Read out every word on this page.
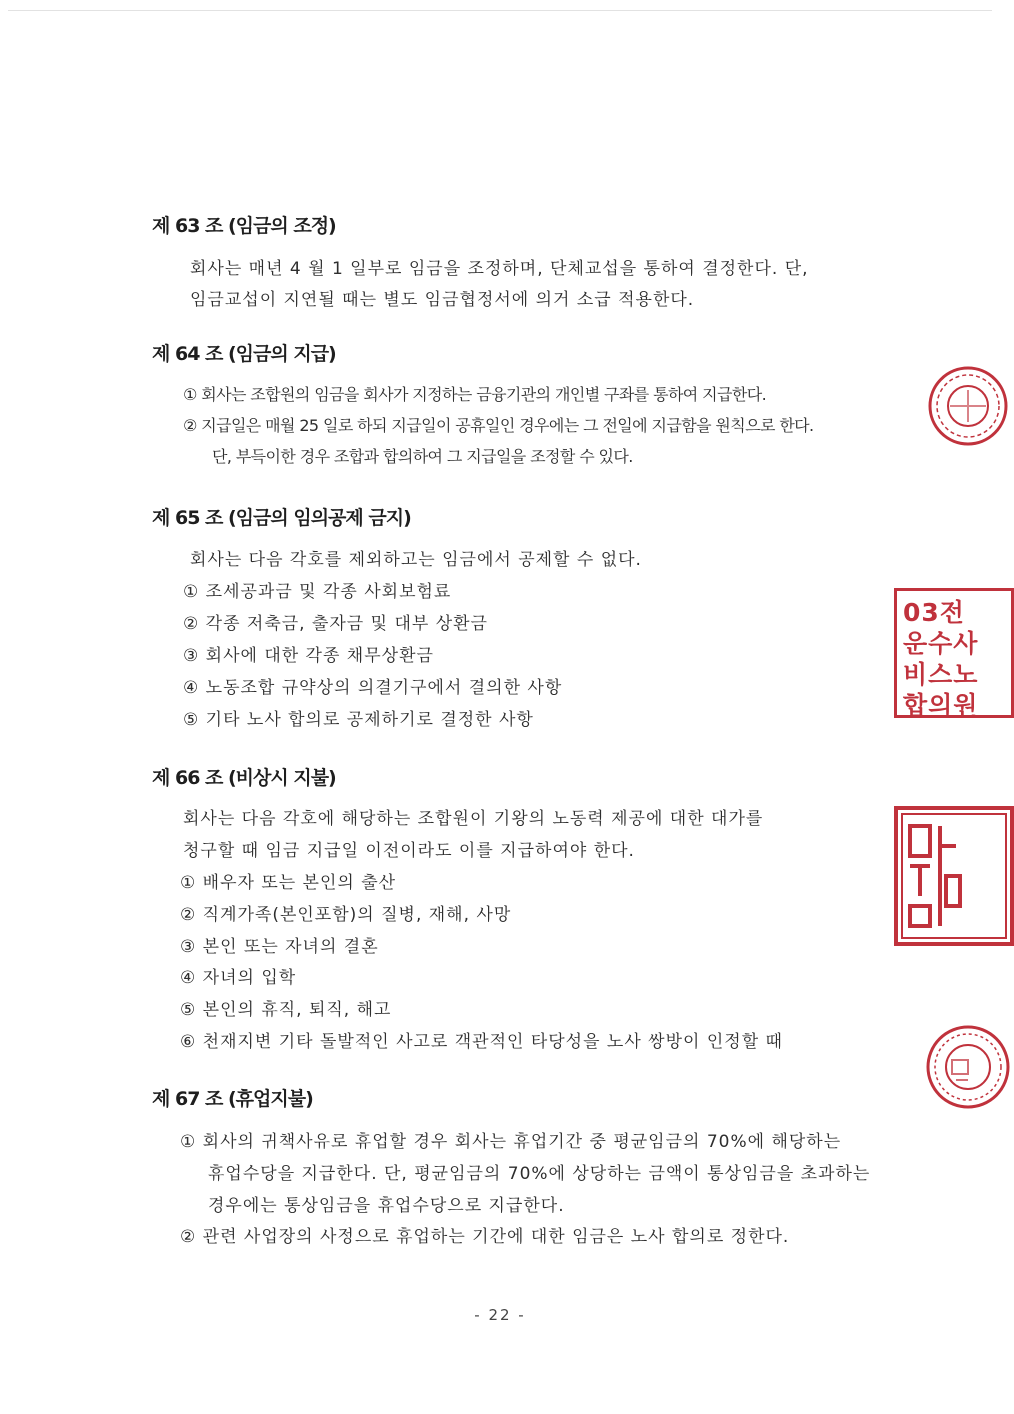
제 63 조 (임금의 조정)
회사는 매년 4 월 1 일부로 임금을 조정하며, 단체교섭을 통하여 결정한다. 단,
임금교섭이 지연될 때는 별도 임금협정서에 의거 소급 적용한다.
제 64 조 (임금의 지급)
① 회사는 조합원의 임금을 회사가 지정하는 금융기관의 개인별 구좌를 통하여 지급한다.
② 지급일은 매월 25 일로 하되 지급일이 공휴일인 경우에는 그 전일에 지급함을 원칙으로 한다.
단, 부득이한 경우 조합과 합의하여 그 지급일을 조정할 수 있다.
제 65 조 (임금의 임의공제 금지)
회사는 다음 각호를 제외하고는 임금에서 공제할 수 없다.
① 조세공과금 및 각종 사회보험료
② 각종 저축금, 출자금 및 대부 상환금
③ 회사에 대한 각종 채무상환금
④ 노동조합 규약상의 의결기구에서 결의한 사항
⑤ 기타 노사 합의로 공제하기로 결정한 사항
제 66 조 (비상시 지불)
회사는 다음 각호에 해당하는 조합원이 기왕의 노동력 제공에 대한 대가를
청구할 때 임금 지급일 이전이라도 이를 지급하여야 한다.
① 배우자 또는 본인의 출산
② 직계가족(본인포함)의 질병, 재해, 사망
③ 본인 또는 자녀의 결혼
④ 자녀의 입학
⑤ 본인의 휴직, 퇴직, 해고
⑥ 천재지변 기타 돌발적인 사고로 객관적인 타당성을 노사 쌍방이 인정할 때
제 67 조 (휴업지불)
① 회사의 귀책사유로 휴업할 경우 회사는 휴업기간 중 평균임금의 70%에 해당하는
휴업수당을 지급한다. 단, 평균임금의 70%에 상당하는 금액이 통상임금을 초과하는
경우에는 통상임금을 휴업수당으로 지급한다.
② 관련 사업장의 사정으로 휴업하는 기간에 대한 임금은 노사 합의로 정한다.
- 22 -
03전
운수사
비스노
합의원
